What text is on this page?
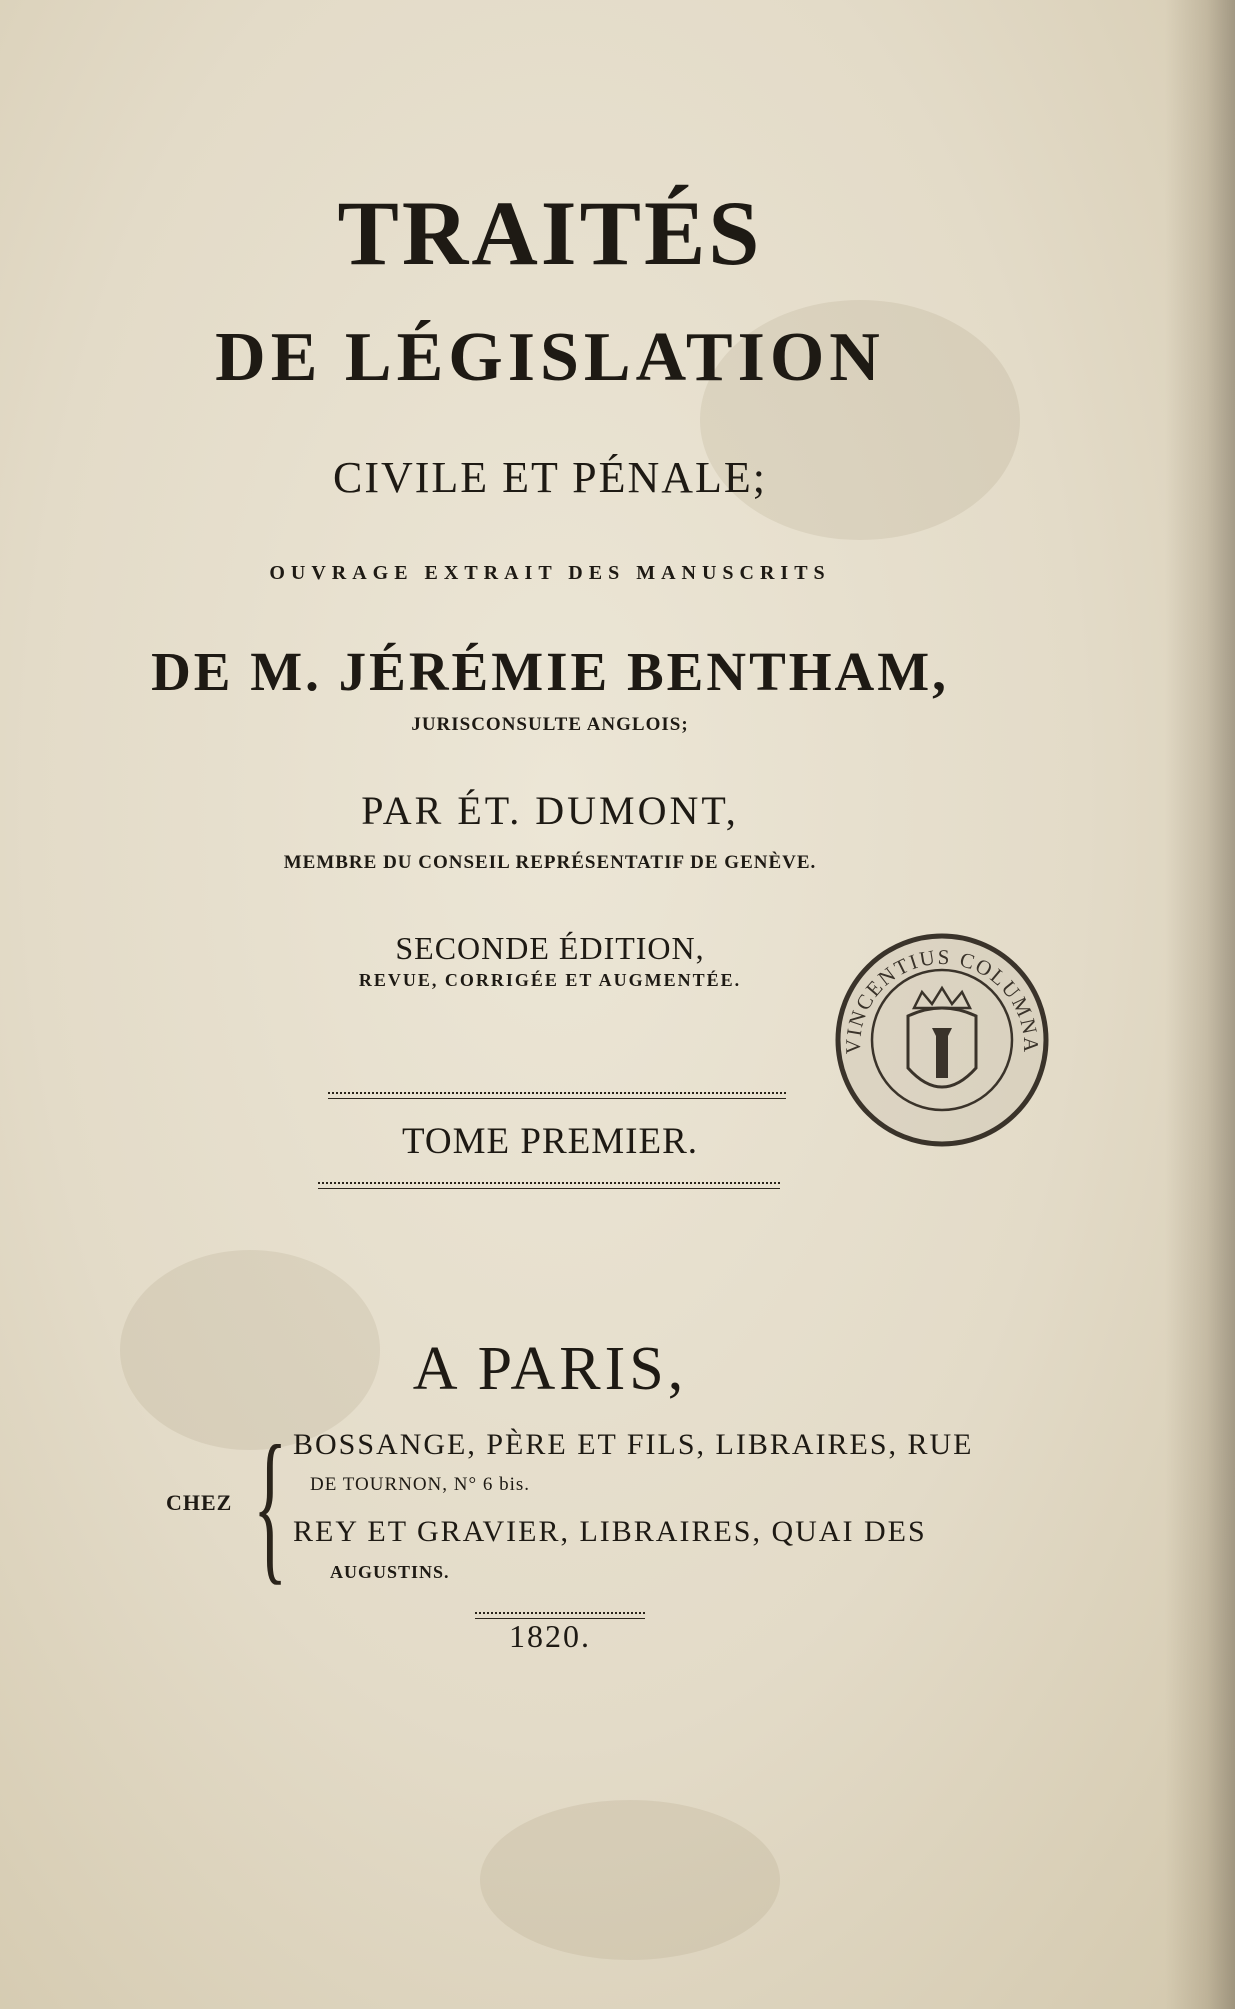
TRAITÉS
DE LÉGISLATION
CIVILE ET PÉNALE;
OUVRAGE EXTRAIT DES MANUSCRITS
DE M. JÉRÉMIE BENTHAM,
JURISCONSULTE ANGLOIS;
PAR ÉT. DUMONT,
MEMBRE DU CONSEIL REPRÉSENTATIF DE GENÈVE.
SECONDE ÉDITION,
REVUE, CORRIGÉE ET AUGMENTÉE.
TOME PREMIER.
A PARIS,
CHEZ { BOSSANGE, PÈRE ET FILS, LIBRAIRES, RUE
DE TOURNON, N° 6 bis.
REY ET GRAVIER, LIBRAIRES, QUAI DES
AUGUSTINS.
1820.
VINCENTIUS COLUMNA
